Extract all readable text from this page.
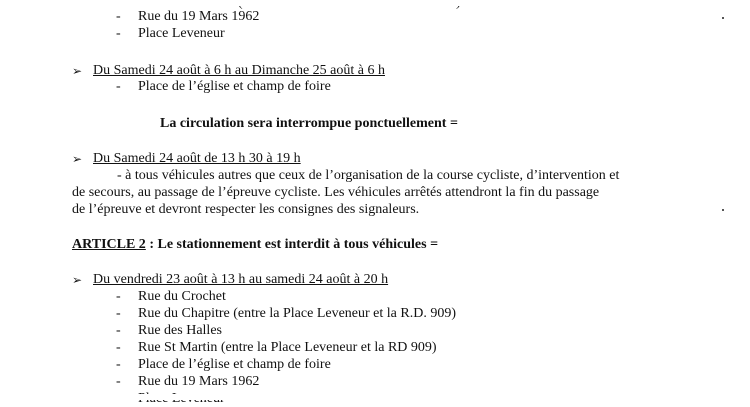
- Rue du 19 Mars 1962
- Place Leveneur
➢ Du Samedi 24 août à 6 h au Dimanche 25 août à 6 h
- Place de l’église et champ de foire
La circulation sera interrompue ponctuellement =
➢ Du Samedi 24 août de 13 h 30 à 19 h
- à tous véhicules autres que ceux de l’organisation de la course cycliste, d’intervention et
de secours, au passage de l’épreuve cycliste. Les véhicules arrêtés attendront la fin du passage
de l’épreuve et devront respecter les consignes des signaleurs.
ARTICLE 2 : Le stationnement est interdit à tous véhicules =
➢ Du vendredi 23 août à 13 h au samedi 24 août à 20 h
- Rue du Crochet
- Rue du Chapitre (entre la Place Leveneur et la R.D. 909)
- Rue des Halles
- Rue St Martin (entre la Place Leveneur et la RD 909)
- Place de l’église et champ de foire
- Rue du 19 Mars 1962
